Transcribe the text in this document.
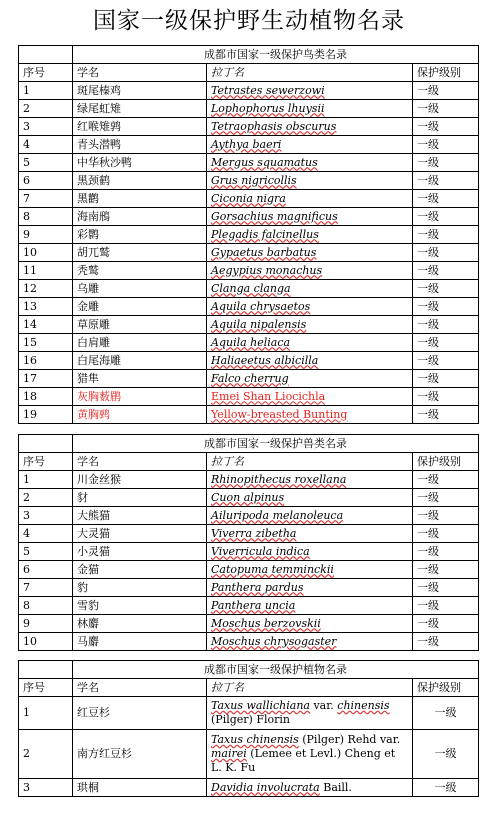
国家一级保护野生动植物名录
	成都市国家一级保护鸟类名录		
序号	学名	拉丁名	保护级别
1	斑尾榛鸡	Tetrastes sewerzowi	一级
2	绿尾虹雉	Lophophorus lhuysii	一级
3	红喉雉鹑	Tetraophasis obscurus	一级
4	青头潜鸭	Aythya baeri	一级
5	中华秋沙鸭	Mergus squamatus	一级
6	黑颈鹤	Grus nigricollis	一级
7	黑鹳	Ciconia nigra	一级
8	海南鳽	Gorsachius magnificus	一级
9	彩鹮	Plegadis falcinellus	一级
10	胡兀鹫	Gypaetus barbatus	一级
11	秃鹫	Aegypius monachus	一级
12	乌雕	Clanga clanga	一级
13	金雕	Aquila chrysaetos	一级
14	草原雕	Aquila nipalensis	一级
15	白肩雕	Aquila heliaca	一级
16	白尾海雕	Haliaeetus albicilla	一级
17	猎隼	Falco cherrug	一级
18	灰胸薮鹛	Emei Shan Liocichla	一级
19	黄胸鹀	Yellow-breasted Bunting	一级
	成都市国家一级保护兽类名录		
序号	学名	拉丁名	保护级别
1	川金丝猴	Rhinopithecus roxellana	一级
2	豺	Cuon alpinus	一级
3	大熊猫	Ailuripoda melanoleuca	一级
4	大灵猫	Viverra zibetha	一级
5	小灵猫	Viverricula indica	一级
6	金猫	Catopuma temminckii	一级
7	豹	Panthera pardus	一级
8	雪豹	Panthera uncia	一级
9	林麝	Moschus berzovskii	一级
10	马麝	Moschus chrysogaster	一级
	成都市国家一级保护植物名录		
序号	学名	拉丁名	保护级别
1	红豆杉	Taxus wallichiana var. chinensis (Pilger) Florin	一级
2	南方红豆杉	Taxus chinensis (Pilger) Rehd var. mairei (Lemee et Levl.) Cheng et L. K. Fu	一级
3	珙桐	Davidia involucrata Baill.	一级
